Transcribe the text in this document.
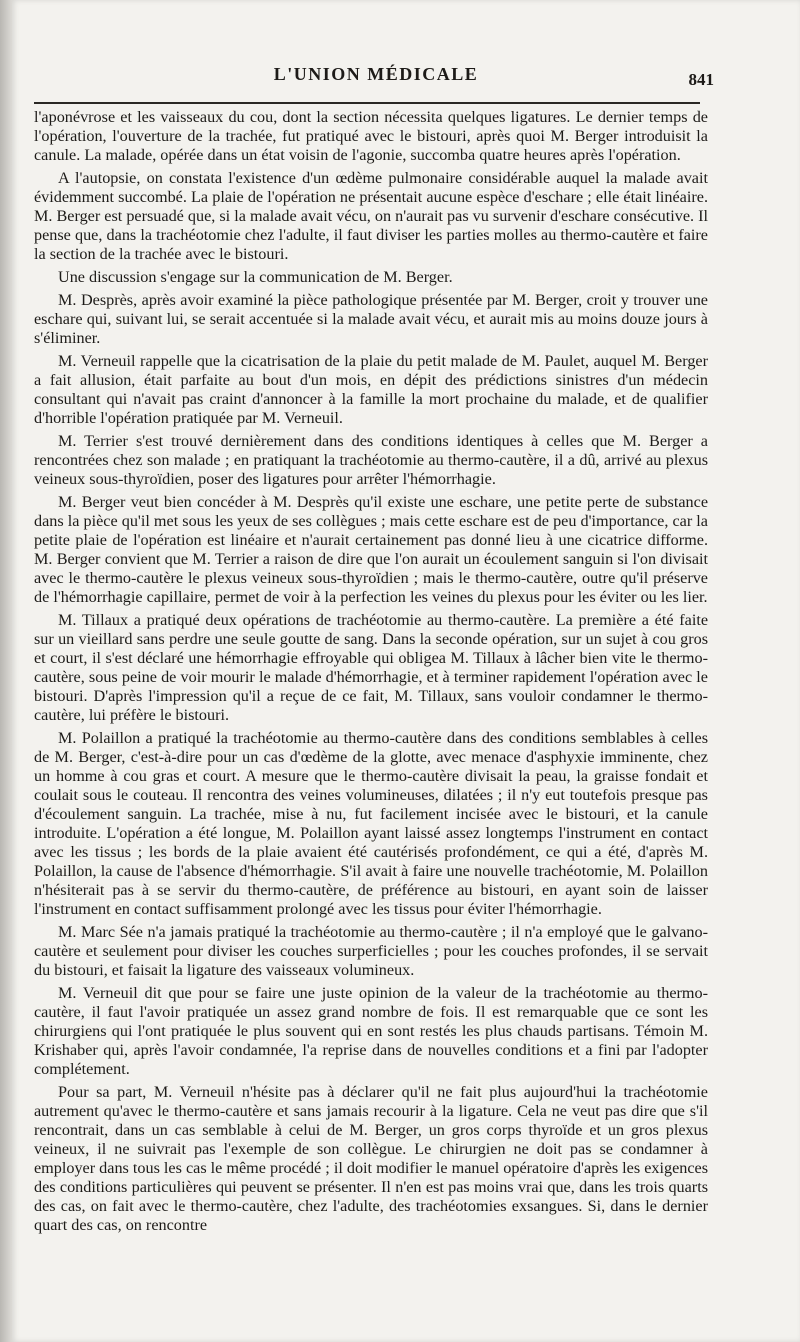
L'UNION MÉDICALE	841

l'aponévrose et les vaisseaux du cou, dont la section nécessita quelques ligatures. Le dernier temps de l'opération, l'ouverture de la trachée, fut pratiqué avec le bistouri, après quoi M. Berger introduisit la canule. La malade, opérée dans un état voisin de l'agonie, succomba quatre heures après l'opération.

A l'autopsie, on constata l'existence d'un œdème pulmonaire considérable auquel la malade avait évidemment succombé. La plaie de l'opération ne présentait aucune espèce d'eschare ; elle était linéaire. M. Berger est persuadé que, si la malade avait vécu, on n'aurait pas vu survenir d'eschare consécutive. Il pense que, dans la trachéotomie chez l'adulte, il faut diviser les parties molles au thermo-cautère et faire la section de la trachée avec le bistouri.

Une discussion s'engage sur la communication de M. Berger.

M. Desprès, après avoir examiné la pièce pathologique présentée par M. Berger, croit y trouver une eschare qui, suivant lui, se serait accentuée si la malade avait vécu, et aurait mis au moins douze jours à s'éliminer.

M. Verneuil rappelle que la cicatrisation de la plaie du petit malade de M. Paulet, auquel M. Berger a fait allusion, était parfaite au bout d'un mois, en dépit des prédictions sinistres d'un médecin consultant qui n'avait pas craint d'annoncer à la famille la mort prochaine du malade, et de qualifier d'horrible l'opération pratiquée par M. Verneuil.

M. Terrier s'est trouvé dernièrement dans des conditions identiques à celles que M. Berger a rencontrées chez son malade ; en pratiquant la trachéotomie au thermo-cautère, il a dû, arrivé au plexus veineux sous-thyroïdien, poser des ligatures pour arrêter l'hémorrhagie.

M. Berger veut bien concéder à M. Desprès qu'il existe une eschare, une petite perte de substance dans la pièce qu'il met sous les yeux de ses collègues ; mais cette eschare est de peu d'importance, car la petite plaie de l'opération est linéaire et n'aurait certainement pas donné lieu à une cicatrice difforme. M. Berger convient que M. Terrier a raison de dire que l'on aurait un écoulement sanguin si l'on divisait avec le thermo-cautère le plexus veineux sous-thyroïdien ; mais le thermo-cautère, outre qu'il préserve de l'hémorrhagie capillaire, permet de voir à la perfection les veines du plexus pour les éviter ou les lier.

M. Tillaux a pratiqué deux opérations de trachéotomie au thermo-cautère. La première a été faite sur un vieillard sans perdre une seule goutte de sang. Dans la seconde opération, sur un sujet à cou gros et court, il s'est déclaré une hémorrhagie effroyable qui obligea M. Tillaux à lâcher bien vite le thermo-cautère, sous peine de voir mourir le malade d'hémorrhagie, et à terminer rapidement l'opération avec le bistouri. D'après l'impression qu'il a reçue de ce fait, M. Tillaux, sans vouloir condamner le thermo-cautère, lui préfère le bistouri.

M. Polaillon a pratiqué la trachéotomie au thermo-cautère dans des conditions semblables à celles de M. Berger, c'est-à-dire pour un cas d'œdème de la glotte, avec menace d'asphyxie imminente, chez un homme à cou gras et court. A mesure que le thermo-cautère divisait la peau, la graisse fondait et coulait sous le couteau. Il rencontra des veines volumineuses, dilatées ; il n'y eut toutefois presque pas d'écoulement sanguin. La trachée, mise à nu, fut facilement incisée avec le bistouri, et la canule introduite. L'opération a été longue, M. Polaillon ayant laissé assez longtemps l'instrument en contact avec les tissus ; les bords de la plaie avaient été cautérisés profondément, ce qui a été, d'après M. Polaillon, la cause de l'absence d'hémorrhagie. S'il avait à faire une nouvelle trachéotomie, M. Polaillon n'hésiterait pas à se servir du thermo-cautère, de préférence au bistouri, en ayant soin de laisser l'instrument en contact suffisamment prolongé avec les tissus pour éviter l'hémorrhagie.

M. Marc Sée n'a jamais pratiqué la trachéotomie au thermo-cautère ; il n'a employé que le galvano-cautère et seulement pour diviser les couches surperficielles ; pour les couches profondes, il se servait du bistouri, et faisait la ligature des vaisseaux volumineux.

M. Verneuil dit que pour se faire une juste opinion de la valeur de la trachéotomie au thermo-cautère, il faut l'avoir pratiquée un assez grand nombre de fois. Il est remarquable que ce sont les chirurgiens qui l'ont pratiquée le plus souvent qui en sont restés les plus chauds partisans. Témoin M. Krishaber qui, après l'avoir condamnée, l'a reprise dans de nouvelles conditions et a fini par l'adopter complétement.

Pour sa part, M. Verneuil n'hésite pas à déclarer qu'il ne fait plus aujourd'hui la trachéotomie autrement qu'avec le thermo-cautère et sans jamais recourir à la ligature. Cela ne veut pas dire que s'il rencontrait, dans un cas semblable à celui de M. Berger, un gros corps thyroïde et un gros plexus veineux, il ne suivrait pas l'exemple de son collègue. Le chirurgien ne doit pas se condamner à employer dans tous les cas le même procédé ; il doit modifier le manuel opératoire d'après les exigences des conditions particulières qui peuvent se présenter. Il n'en est pas moins vrai que, dans les trois quarts des cas, on fait avec le thermo-cautère, chez l'adulte, des trachéotomies exsangues. Si, dans le dernier quart des cas, on rencontre
